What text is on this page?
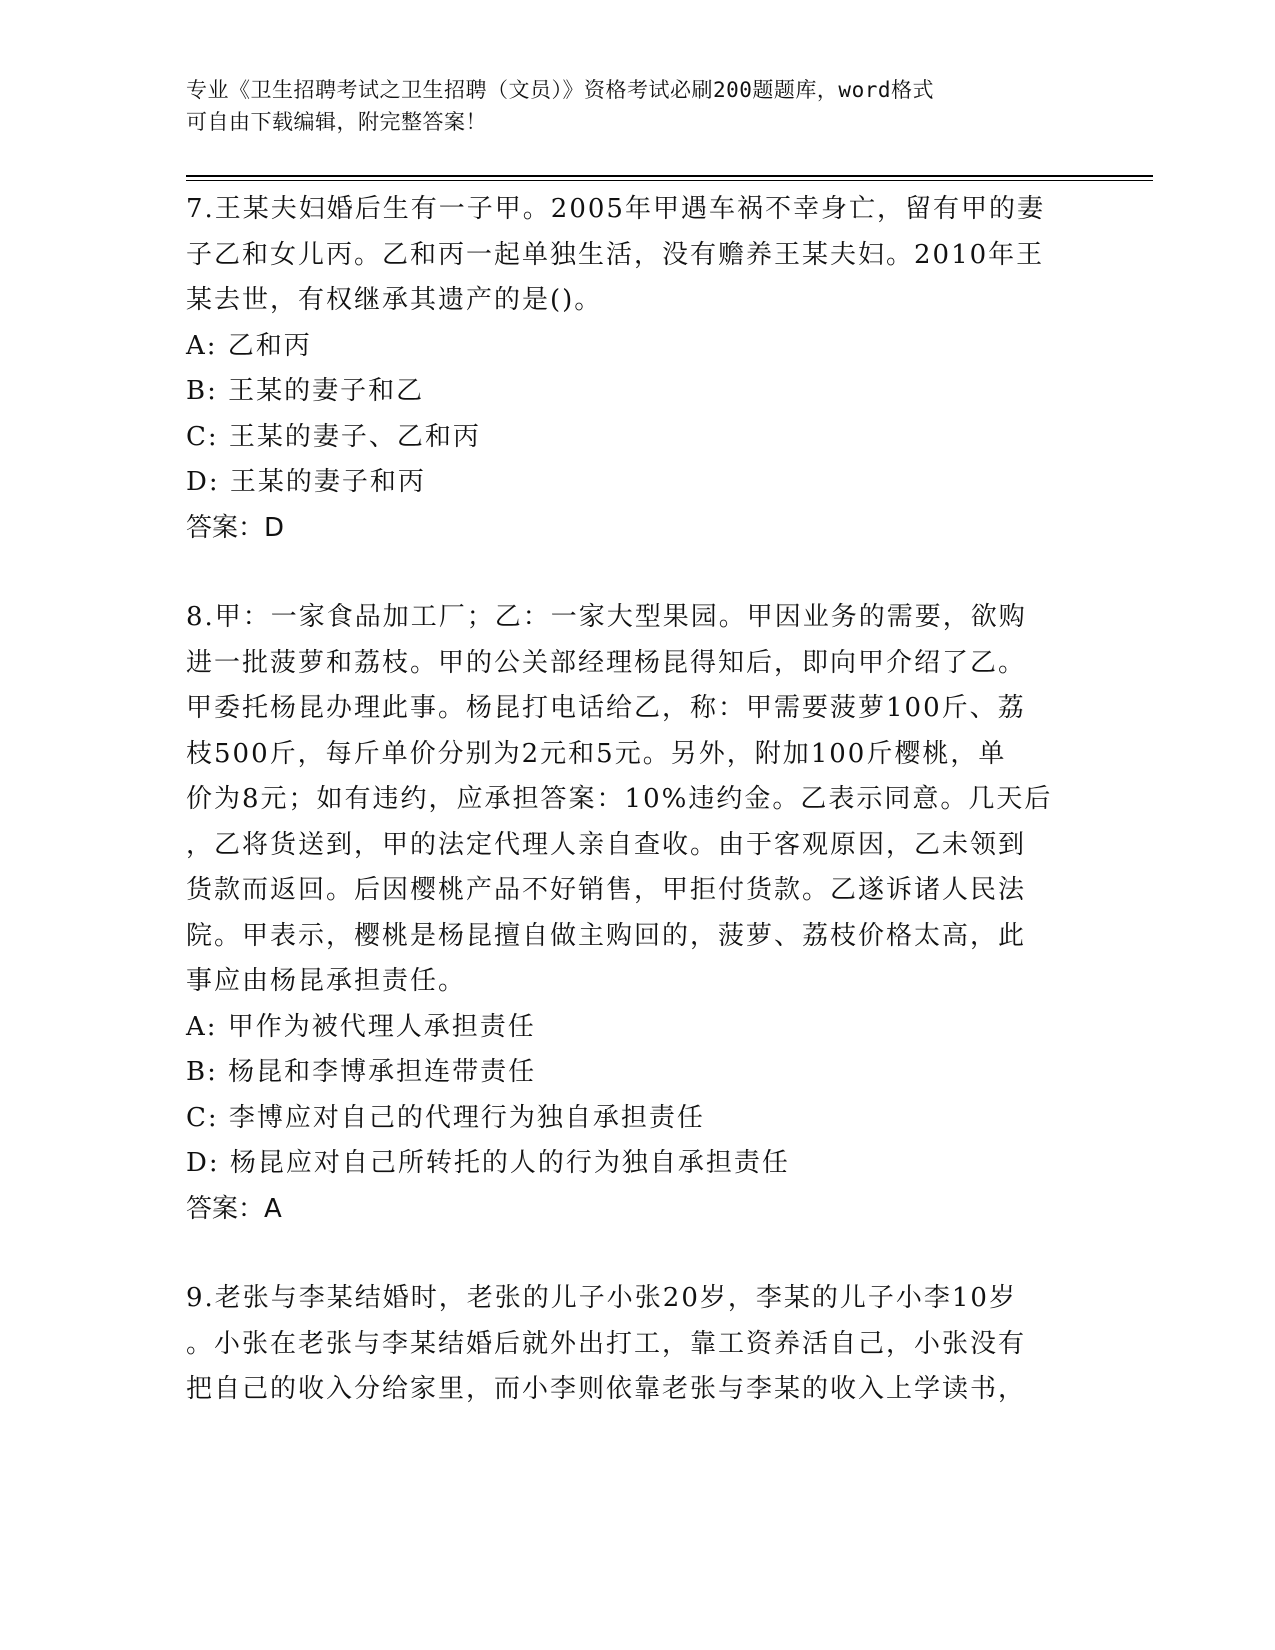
专业《卫生招聘考试之卫生招聘（文员）》资格考试必刷200题题库，word格式

可自由下载编辑，附完整答案！

7.王某夫妇婚后生有一子甲。2005年甲遇车祸不幸身亡，留有甲的妻
子乙和女儿丙。乙和丙一起单独生活，没有赡养王某夫妇。2010年王
某去世，有权继承其遗产的是()。
A: 乙和丙
B: 王某的妻子和乙
C: 王某的妻子、乙和丙
D: 王某的妻子和丙
答案：D
8.甲：一家食品加工厂；乙：一家大型果园。甲因业务的需要，欲购
进一批菠萝和荔枝。甲的公关部经理杨昆得知后，即向甲介绍了乙。
甲委托杨昆办理此事。杨昆打电话给乙，称：甲需要菠萝100斤、荔
枝500斤，每斤单价分别为2元和5元。另外，附加100斤樱桃，单
价为8元；如有违约，应承担答案：10%违约金。乙表示同意。几天后
，乙将货送到，甲的法定代理人亲自查收。由于客观原因，乙未领到
货款而返回。后因樱桃产品不好销售，甲拒付货款。乙遂诉诸人民法
院。甲表示，樱桃是杨昆擅自做主购回的，菠萝、荔枝价格太高，此
事应由杨昆承担责任。
A: 甲作为被代理人承担责任
B: 杨昆和李博承担连带责任
C: 李博应对自己的代理行为独自承担责任
D: 杨昆应对自己所转托的人的行为独自承担责任
答案：A
9.老张与李某结婚时，老张的儿子小张20岁，李某的儿子小李10岁
。小张在老张与李某结婚后就外出打工，靠工资养活自己，小张没有
把自己的收入分给家里，而小李则依靠老张与李某的收入上学读书，
